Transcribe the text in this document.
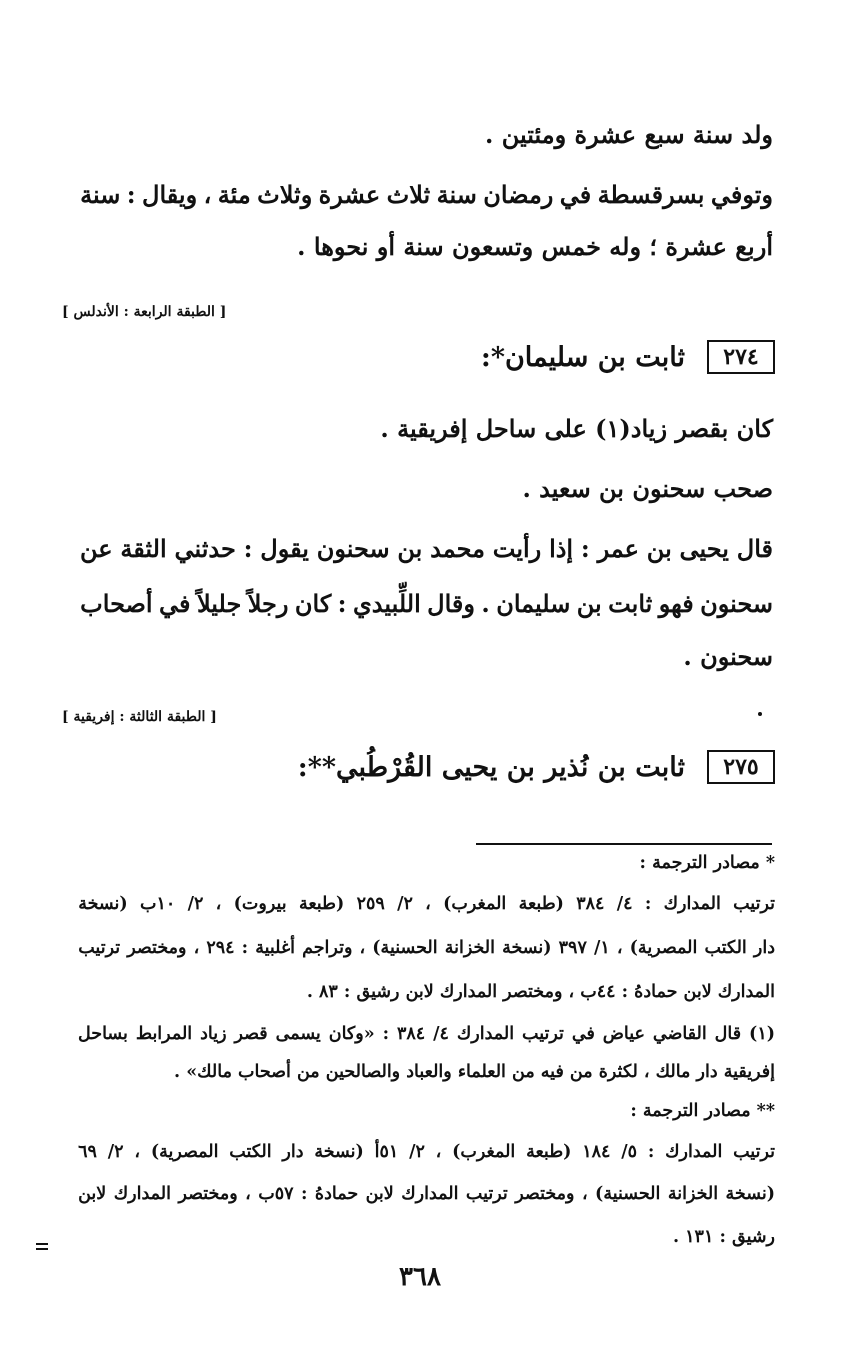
ولد سنة سبع عشرة ومئتين .
وتوفي
بسرقسطة
في
رمضان
سنة
ثلاث
عشرة
وثلاث
مئة
،
ويقال
:
سنة
أربع عشرة ؛ وله خمس وتسعون سنة أو نحوها .
[ الطبقة الرابعة : الأندلس ]
٢٧٤
ثابت بن سليمان*:
كان بقصر زياد(١) على ساحل إفريقية .
صحب سحنون بن سعيد .
قال
يحيى
بن
عمر
:
إذا
رأيت
محمد
بن
سحنون
يقول
:
حدثني
الثقة
عن
سحنون
فهو
ثابت
بن
سليمان
.
وقال
اللِّبيدي
:
كان
رجلاً
جليلاً
في
أصحاب
سحنون .
[ الطبقة الثالثة : إفريقية ]
٢٧٥
ثابت بن نُذير بن يحيى القُرْطُبي**:
* مصادر الترجمة :
ترتيب
المدارك
:
٤/
٣٨٤
(طبعة
المغرب)
،
٢/
٢٥٩
(طبعة
بيروت)
،
٢/
١٠ب
(نسخة
دار
الكتب
المصرية)
،
١/
٣٩٧
(نسخة
الخزانة
الحسنية)
،
وتراجم
أغلبية
:
٢٩٤
،
ومختصر
ترتيب
المدارك لابن حمادهُ : ٤٤ب ، ومختصر المدارك لابن رشيق : ٨٣ .
(١)
قال
القاضي
عياض
في
ترتيب
المدارك
٤/
٣٨٤
:
«وكان
يسمى
قصر
زياد
المرابط
بساحل
إفريقية دار مالك ، لكثرة من فيه من العلماء والعباد والصالحين من أصحاب مالك» .
** مصادر الترجمة :
ترتيب
المدارك
:
٥/
١٨٤
(طبعة
المغرب)
،
٢/
٥١أ
(نسخة
دار
الكتب
المصرية)
،
٢/
٦٩
(نسخة
الخزانة
الحسنية)
،
ومختصر
ترتيب
المدارك
لابن
حمادهُ
:
٥٧ب
،
ومختصر
المدارك
لابن
رشيق : ١٣١ .
٣٦٨
